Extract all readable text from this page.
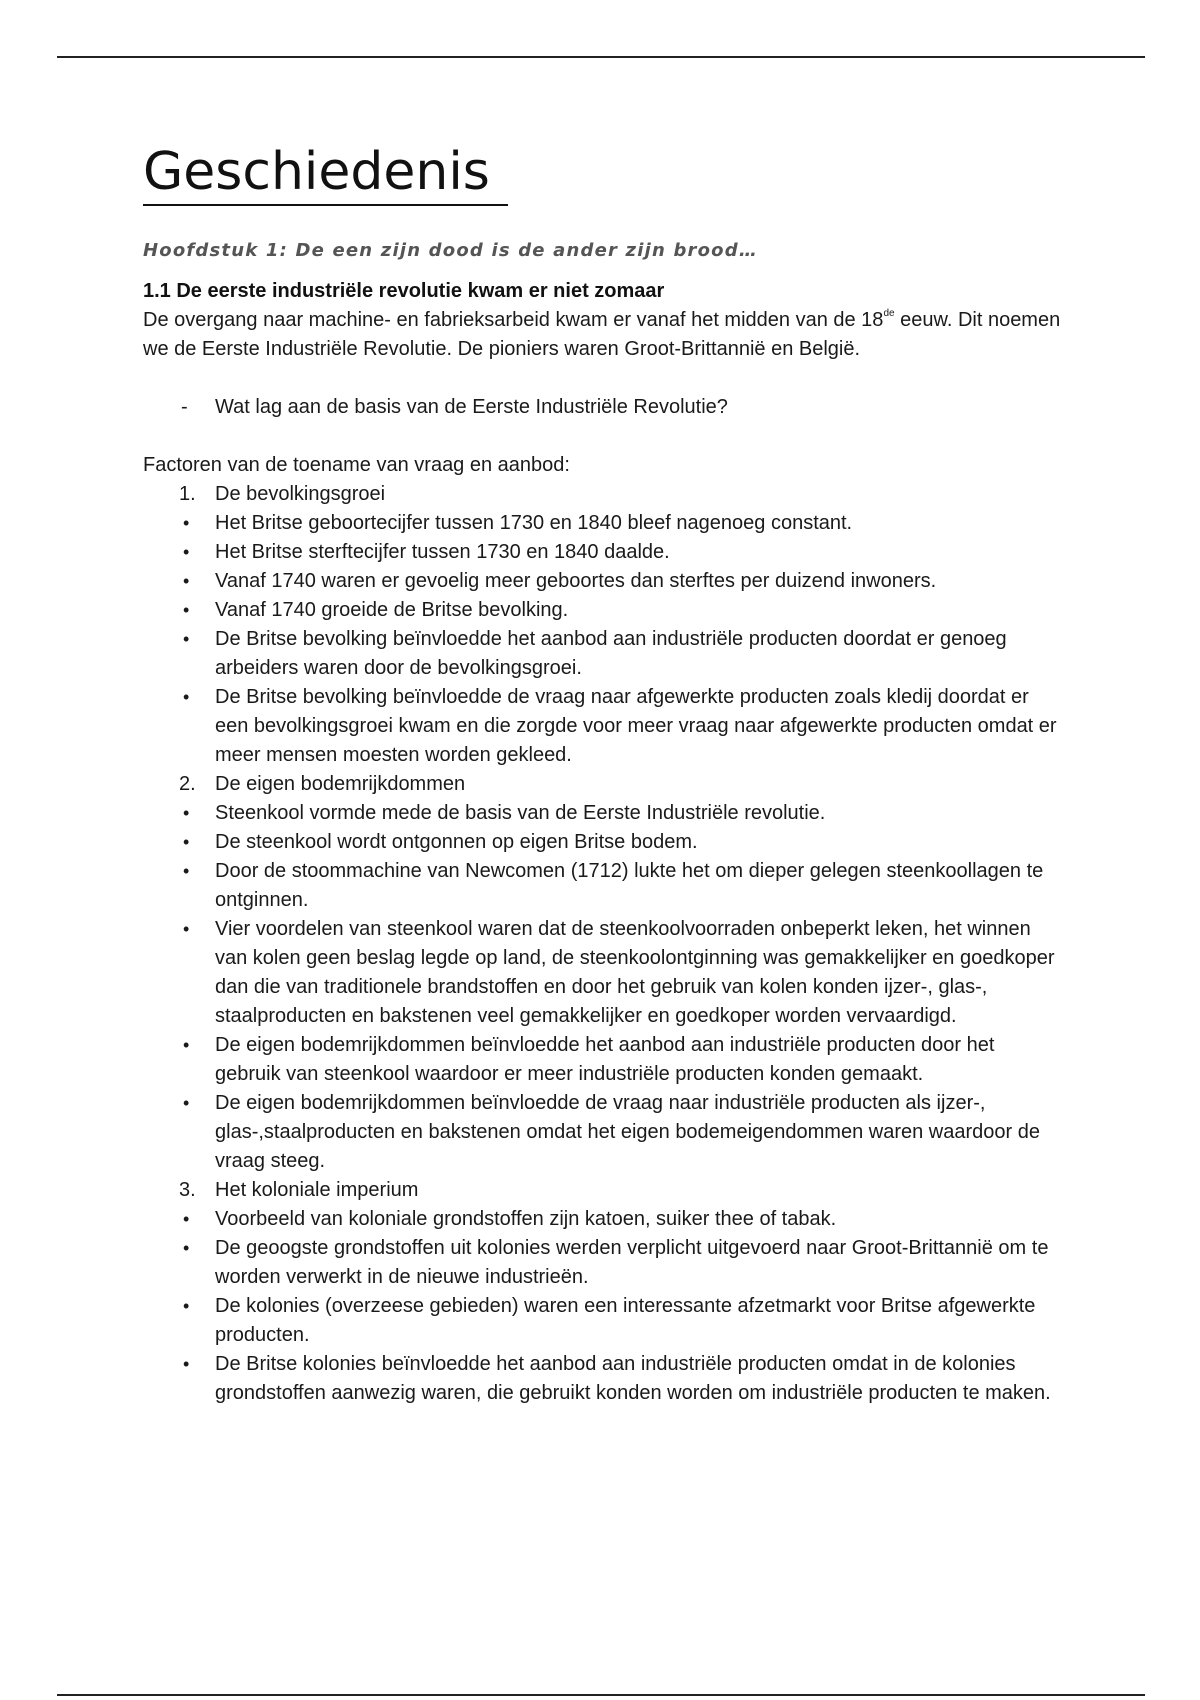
Geschiedenis
Hoofdstuk 1: De een zijn dood is de ander zijn brood…
1.1 De eerste industriële revolutie kwam er niet zomaar
De overgang naar machine- en fabrieksarbeid kwam er vanaf het midden van de 18de eeuw. Dit noemen we de Eerste Industriële Revolutie. De pioniers waren Groot-Brittannië en België.
- Wat lag aan de basis van de Eerste Industriële Revolutie?
Factoren van de toename van vraag en aanbod:
1. De bevolkingsgroei
• Het Britse geboortecijfer tussen 1730 en 1840 bleef nagenoeg constant.
• Het Britse sterftecijfer tussen 1730 en 1840 daalde.
• Vanaf 1740 waren er gevoelig meer geboortes dan sterftes per duizend inwoners.
• Vanaf 1740 groeide de Britse bevolking.
• De Britse bevolking beïnvloedde het aanbod aan industriële producten doordat er genoeg arbeiders waren door de bevolkingsgroei.
• De Britse bevolking beïnvloedde de vraag naar afgewerkte producten zoals kledij doordat er een bevolkingsgroei kwam en die zorgde voor meer vraag naar afgewerkte producten omdat er meer mensen moesten worden gekleed.
2. De eigen bodemrijkdommen
• Steenkool vormde mede de basis van de Eerste Industriële revolutie.
• De steenkool wordt ontgonnen op eigen Britse bodem.
• Door de stoommachine van Newcomen (1712) lukte het om dieper gelegen steenkoollagen te ontginnen.
• Vier voordelen van steenkool waren dat de steenkoolvoorraden onbeperkt leken, het winnen van kolen geen beslag legde op land, de steenkoolontginning was gemakkelijker en goedkoper dan die van traditionele brandstoffen en door het gebruik van kolen konden ijzer-, glas-, staalproducten en bakstenen veel gemakkelijker en goedkoper worden vervaardigd.
• De eigen bodemrijkdommen beïnvloedde het aanbod aan industriële producten door het gebruik van steenkool waardoor er meer industriële producten konden gemaakt.
• De eigen bodemrijkdommen beïnvloedde de vraag naar industriële producten als ijzer-, glas-,staalproducten en bakstenen omdat het eigen bodemeigendommen waren waardoor de vraag steeg.
3. Het koloniale imperium
• Voorbeeld van koloniale grondstoffen zijn katoen, suiker thee of tabak.
• De geoogste grondstoffen uit kolonies werden verplicht uitgevoerd naar Groot-Brittannië om te worden verwerkt in de nieuwe industrieën.
• De kolonies (overzeese gebieden) waren een interessante afzetmarkt voor Britse afgewerkte producten.
• De Britse kolonies beïnvloedde het aanbod aan industriële producten omdat in de kolonies grondstoffen aanwezig waren, die gebruikt konden worden om industriële producten te maken.
